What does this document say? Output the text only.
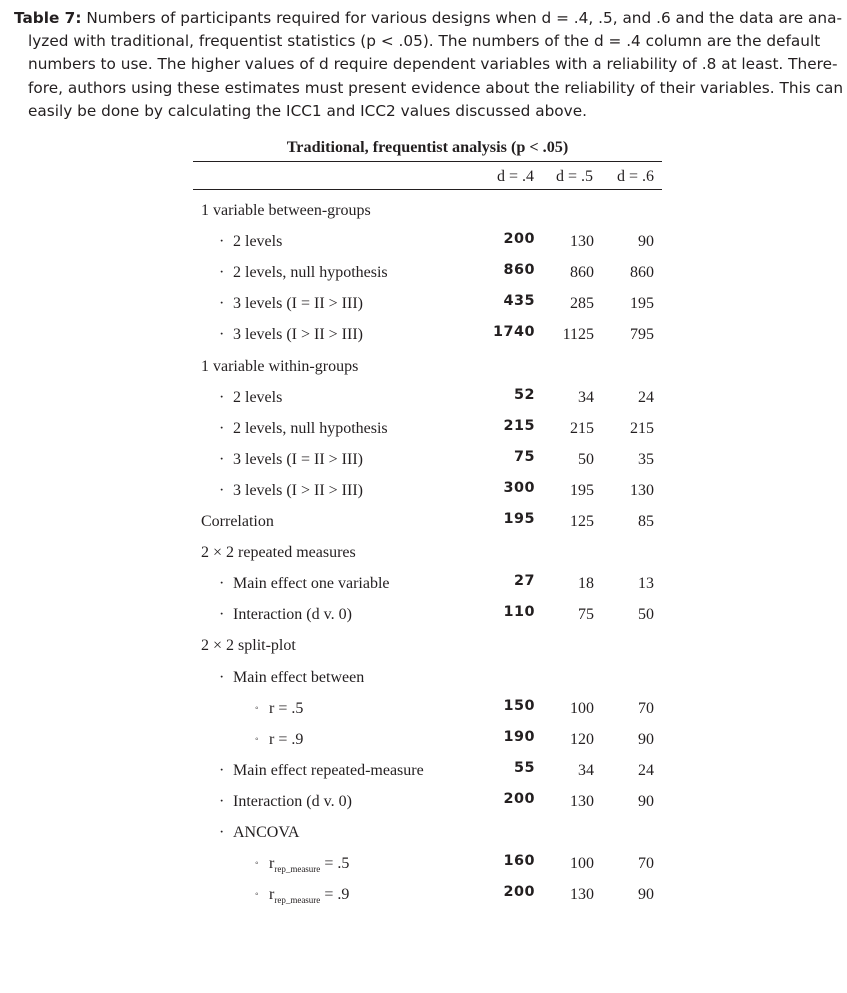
Table 7: Numbers of participants required for various designs when d = .4, .5, and .6 and the data are ana-
lyzed with traditional, frequentist statistics (p < .05). The numbers of the d = .4 column are the default
numbers to use. The higher values of d require dependent variables with a reliability of .8 at least. There-
fore, authors using these estimates must present evidence about the reliability of their variables. This can
easily be done by calculating the ICC1 and ICC2 values discussed above.
Traditional, frequentist analysis (p < .05)
d = .4 d = .5 d = .6
1 variable between-groups
· 2 levels	200 130	90
· 2 levels, null hypothesis	860 860 860
· 3 levels (I = II > III)	435 285 195
· 3 levels (I > II > III)	1740 1125 795
1 variable within-groups
· 2 levels	52	34	24
· 2 levels, null hypothesis	215 215 215
· 3 levels (I = II > III)	75	50	35
· 3 levels (I > II > III)	300 195 130
Correlation	195 125	85
2 × 2 repeated measures
· Main effect one variable	27	18	13
· Interaction (d v. 0)	110	75	50
2 × 2 split-plot
· Main effect between
◦ r = .5	150 100	70
◦ r = .9	190 120	90
· Main effect repeated-measure	55	34	24
· Interaction (d v. 0)	200 130	90
· ANCOVA
◦ $r_{rep\_measure} = .5$	160 100	70
◦ $r_{rep\_measure} = .9$	200 130	90
